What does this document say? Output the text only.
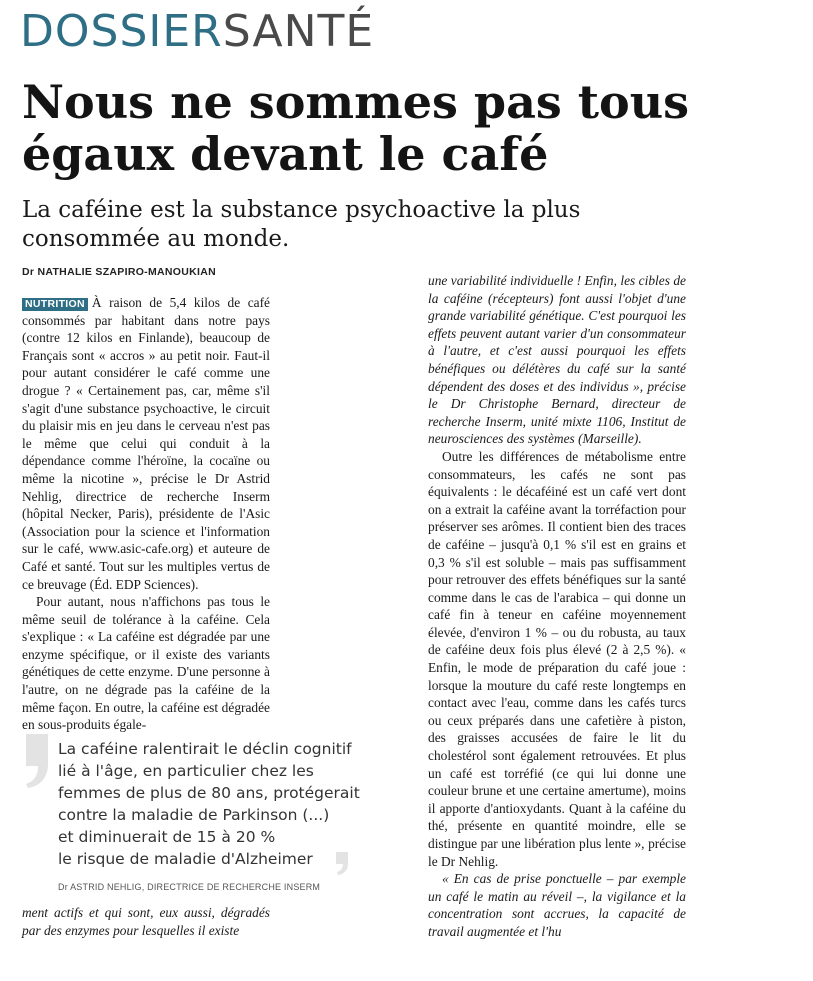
DOSSIERSANTÉ
Nous ne sommes pas tous égaux devant le café

La caféine est la substance psychoactive la plus consommée au monde.

Dr NATHALIE SZAPIRO-MANOUKIAN

NUTRITION À raison de 5,4 kilos de café consommés par habitant dans notre pays (contre 12 kilos en Finlande), beaucoup de Français sont « accros » au petit noir. Faut-il pour autant considérer le café comme une drogue ? « Certainement pas, car, même s'il s'agit d'une substance psychoactive, le circuit du plaisir mis en jeu dans le cerveau n'est pas le même que celui qui conduit à la dépendance comme l'héroïne, la cocaïne ou même la nicotine », précise le Dr Astrid Nehlig, directrice de recherche Inserm (hôpital Necker, Paris), présidente de l'Asic (Association pour la science et l'information sur le café, www.asic-cafe.org) et auteure de Café et santé. Tout sur les multiples vertus de ce breuvage (Éd. EDP Sciences).

Pour autant, nous n'affichons pas tous le même seuil de tolérance à la caféine. Cela s'explique : « La caféine est dégradée par une enzyme spécifique, or il existe des variants génétiques de cette enzyme. D'une personne à l'autre, on ne dégrade pas la caféine de la même façon. En outre, la caféine est dégradée en sous-produits égale-

La caféine ralentirait le déclin cognitif
lié à l'âge, en particulier chez les
femmes de plus de 80 ans, protégerait
contre la maladie de Parkinson (...)
et diminuerait de 15 à 20 %
le risque de maladie d'Alzheimer
Dr ASTRID NEHLIG, DIRECTRICE DE RECHERCHE INSERM

ment actifs et qui sont, eux aussi, dégradés par des enzymes pour lesquelles il existe

une variabilité individuelle ! Enfin, les cibles de la caféine (récepteurs) font aussi l'objet d'une grande variabilité génétique. C'est pourquoi les effets peuvent autant varier d'un consommateur à l'autre, et c'est aussi pourquoi les effets bénéfiques ou délétères du café sur la santé dépendent des doses et des individus », précise le Dr Christophe Bernard, directeur de recherche Inserm, unité mixte 1106, Institut de neurosciences des systèmes (Marseille).

Outre les différences de métabolisme entre consommateurs, les cafés ne sont pas équivalents : le décaféiné est un café vert dont on a extrait la caféine avant la torréfaction pour préserver ses arômes. Il contient bien des traces de caféine – jusqu'à 0,1 % s'il est en grains et 0,3 % s'il est soluble – mais pas suffisamment pour retrouver des effets bénéfiques sur la santé comme dans le cas de l'arabica – qui donne un café fin à teneur en caféine moyennement élevée, d'environ 1 % – ou du robusta, au taux de caféine deux fois plus élevé (2 à 2,5 %). « Enfin, le mode de préparation du café joue : lorsque la mouture du café reste longtemps en contact avec l'eau, comme dans les cafés turcs ou ceux préparés dans une cafetière à piston, des graisses accusées de faire le lit du cholestérol sont également retrouvées. Et plus un café est torréfié (ce qui lui donne une couleur brune et une certaine amertume), moins il apporte d'antioxydants. Quant à la caféine du thé, présente en quantité moindre, elle se distingue par une libération plus lente », précise le Dr Nehlig.

« En cas de prise ponctuelle – par exemple un café le matin au réveil –, la vigilance et la concentration sont accrues, la capacité de travail augmentée et l'hu
